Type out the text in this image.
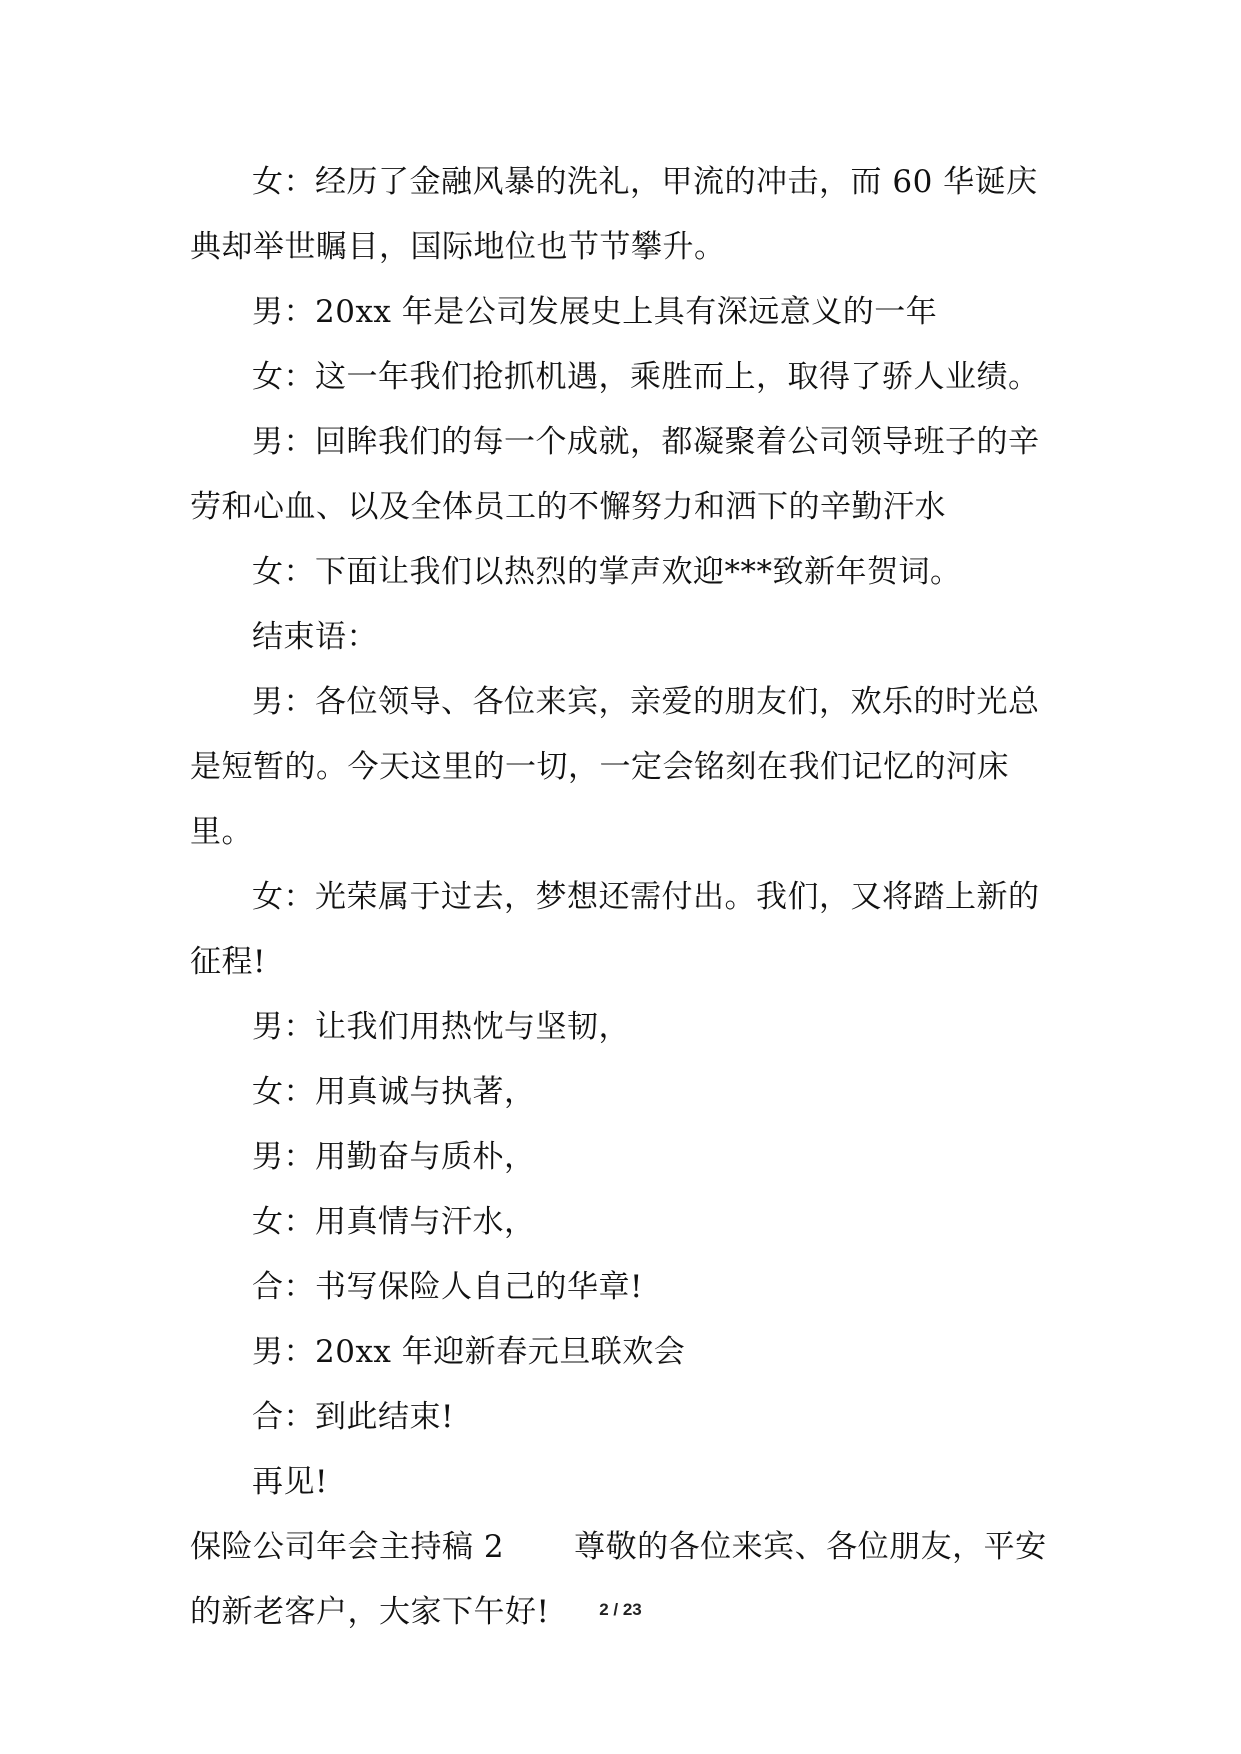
女：经历了金融风暴的洗礼，甲流的冲击，而 60 华诞庆典却举世瞩目，国际地位也节节攀升。

男：20xx 年是公司发展史上具有深远意义的一年

女：这一年我们抢抓机遇，乘胜而上，取得了骄人业绩。

男：回眸我们的每一个成就，都凝聚着公司领导班子的辛劳和心血、以及全体员工的不懈努力和洒下的辛勤汗水

女：下面让我们以热烈的掌声欢迎***致新年贺词。

结束语：

男：各位领导、各位来宾，亲爱的朋友们，欢乐的时光总是短暂的。今天这里的一切，一定会铭刻在我们记忆的河床里。

女：光荣属于过去，梦想还需付出。我们，又将踏上新的征程!

男：让我们用热忱与坚韧，

女：用真诚与执著，

男：用勤奋与质朴，

女：用真情与汗水，

合：书写保险人自己的华章!

男：20xx 年迎新春元旦联欢会

合：到此结束!

再见!

保险公司年会主持稿 2 尊敬的各位来宾、各位朋友，平安的新老客户，大家下午好!	2 / 23
